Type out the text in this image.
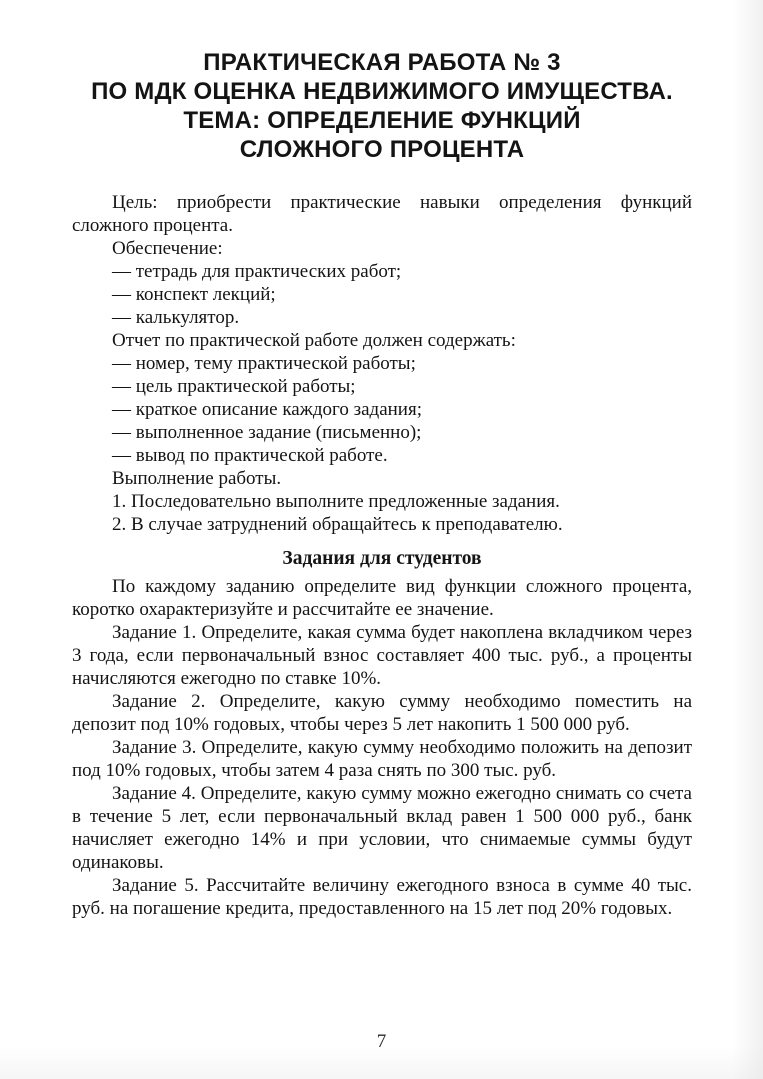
ПРАКТИЧЕСКАЯ РАБОТА № 3
ПО МДК ОЦЕНКА НЕДВИЖИМОГО ИМУЩЕСТВА.
ТЕМА: ОПРЕДЕЛЕНИЕ ФУНКЦИЙ
СЛОЖНОГО ПРОЦЕНТА

Цель: приобрести практические навыки определения функций сложного процента.

Обеспечение:

— тетрадь для практических работ;

— конспект лекций;

— калькулятор.

Отчет по практической работе должен содержать:

— номер, тему практической работы;

— цель практической работы;

— краткое описание каждого задания;

— выполненное задание (письменно);

— вывод по практической работе.

Выполнение работы.

1. Последовательно выполните предложенные задания.

2. В случае затруднений обращайтесь к преподавателю.

Задания для студентов

По каждому заданию определите вид функции сложного процента, коротко охарактеризуйте и рассчитайте ее значение.

Задание 1. Определите, какая сумма будет накоплена вкладчиком через 3 года, если первоначальный взнос составляет 400 тыс. руб., а проценты начисляются ежегодно по ставке 10%.

Задание 2. Определите, какую сумму необходимо поместить на депозит под 10% годовых, чтобы через 5 лет накопить 1 500 000 руб.

Задание 3. Определите, какую сумму необходимо положить на депозит под 10% годовых, чтобы затем 4 раза снять по 300 тыс. руб.

Задание 4. Определите, какую сумму можно ежегодно снимать со счета в течение 5 лет, если первоначальный вклад равен 1 500 000 руб., банк начисляет ежегодно 14% и при условии, что снимаемые суммы будут одинаковы.

Задание 5. Рассчитайте величину ежегодного взноса в сумме 40 тыс. руб. на погашение кредита, предоставленного на 15 лет под 20% годовых.

7
